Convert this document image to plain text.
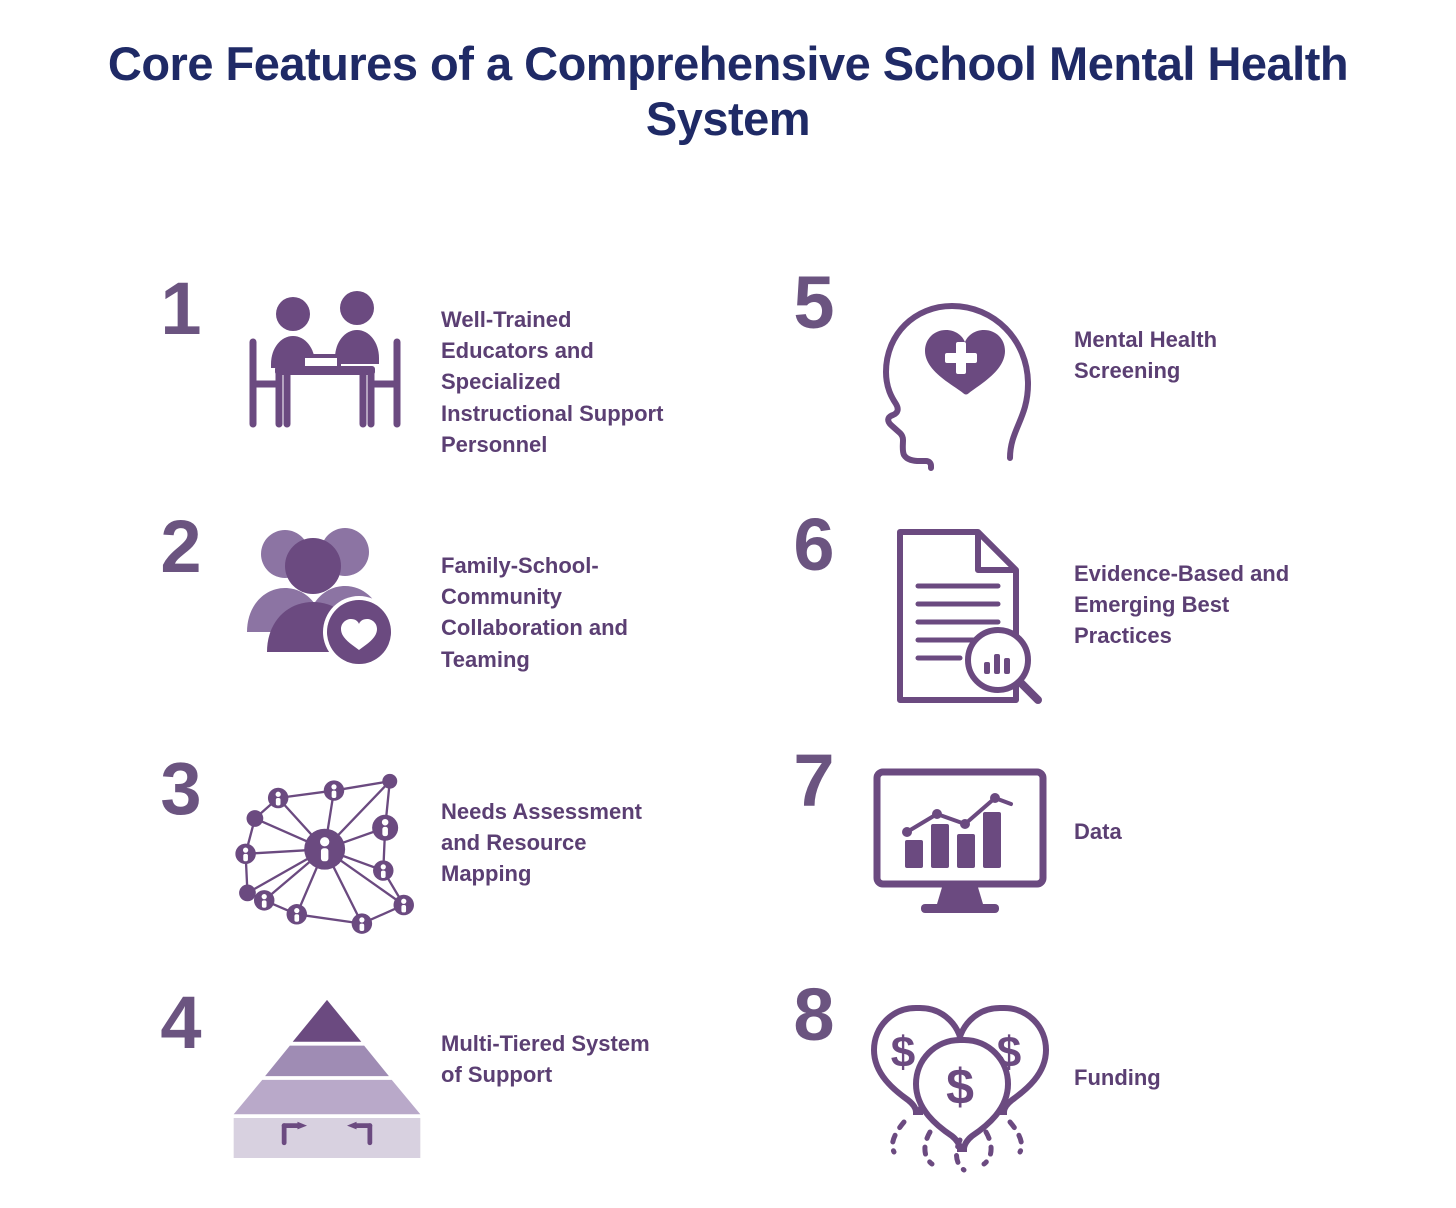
Core Features of a Comprehensive School Mental Health System
1	Well-Trained Educators and Specialized Instructional Support Personnel
5	Mental Health Screening
2	Family-School-Community Collaboration and Teaming
6	Evidence-Based and Emerging Best Practices
3	Needs Assessment and Resource Mapping
7
Data
4	Multi-Tiered System of Support
8	$ $
$	Funding
